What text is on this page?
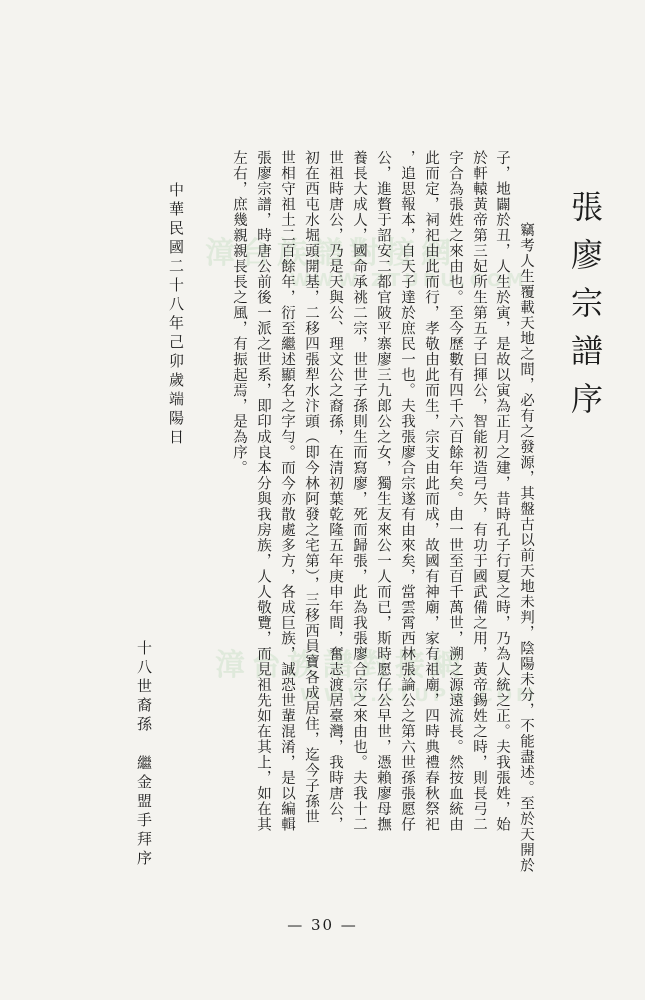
漳台族譜對接網
WWW.ZTUPU.COM
漳台族譜對接網
WWW.ZTUPU.COM
張廖宗譜序
竊考人生覆載天地之間，必有之發源，其盤古以前天地未判，陰陽未分，不能盡述。至於天開於
子，地闢於丑，人生於寅，是故以寅為正月之建，昔時孔子行夏之時，乃為人統之正。夫我張姓，始
於軒轅黃帝第三妃所生第五子曰揮公，智能初造弓矢，有功于國武備之用，黃帝錫姓之時，則長弓二
字合為張姓之來由也。至今歷數有四千六百餘年矣。由一世至百千萬世，溯之源遠流長。然按血統由
此而定，祠祀由此而行，孝敬由此而生，宗支由此而成，故國有神廟，家有祖廟，四時典禮春秋祭祀
，追思報本，自天子達於庶民一也。夫我張廖合宗遂有由來矣，當雲霄西林張論公之第六世孫張愿仔
公，進贅于詔安二都官陂平寨廖三九郎公之女，獨生友來公一人而已，斯時愿仔公早世，憑賴廖母撫
養長大成人，國命承祧二宗，世世子孫則生而寫廖，死而歸張，此為我張廖合宗之來由也。夫我十二
世祖時唐公，乃是天與公、理文公之裔孫，在清初葉乾隆五年庚申年間，奮志渡居臺灣，我時唐公，
初在西屯水堀頭開基，二移四張犁水汴頭（即今林阿發之宅第），三移西員寶各成居住，迄今子孫世
世相守祖土二百餘年，衍至繼述顯名之字勻。而今亦散處多方，各成巨族，誠恐世輩混淆，是以編輯
張廖宗譜，時唐公前後一派之世系，即印成良本分與我房族，人人敬覽，而見祖先如在其上，如在其
左右，庶幾親親長長之風，有振起焉，是為序。
中華民國二十八年己卯歲端陽日
十八世裔孫
繼金盟手拜序
— 30 —
